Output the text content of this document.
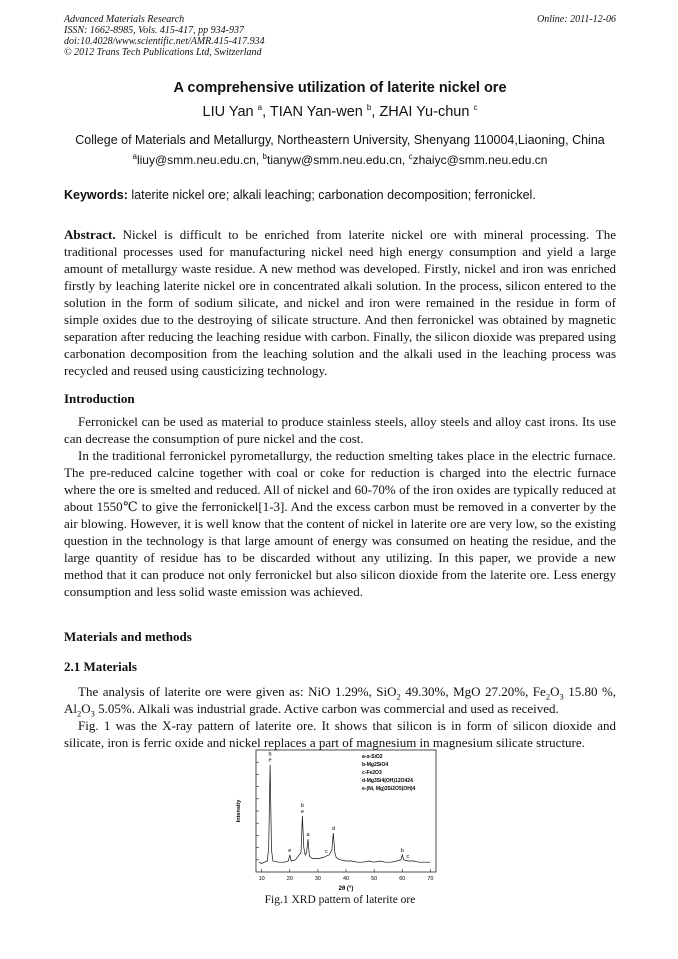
Advanced Materials Research
ISSN: 1662-8985, Vols. 415-417, pp 934-937
doi:10.4028/www.scientific.net/AMR.415-417.934
© 2012 Trans Tech Publications Ltd, Switzerland
Online: 2011-12-06
A comprehensive utilization of laterite nickel ore
LIU Yan $^a$, TIAN Yan-wen $^b$, ZHAI Yu-chun $^c$
College of Materials and Metallurgy, Northeastern University, Shenyang 110004,Liaoning, China
$^a$liuy@smm.neu.edu.cn, $^b$tianyw@smm.neu.edu.cn, $^c$zhaiyc@smm.neu.edu.cn
Keywords: laterite nickel ore; alkali leaching; carbonation decomposition; ferronickel.

Abstract. Nickel is difficult to be enriched from laterite nickel ore with mineral processing. The traditional processes used for manufacturing nickel need high energy consumption and yield a large amount of metallurgy waste residue. A new method was developed. Firstly, nickel and iron was enriched firstly by leaching laterite nickel ore in concentrated alkali solution. In the process, silicon entered to the solution in the form of sodium silicate, and nickel and iron were remained in the residue in form of simple oxides due to the destroying of silicate structure. And then ferronickel was obtained by magnetic separation after reducing the leaching residue with carbon. Finally, the silicon dioxide was prepared using carbonation decomposition from the leaching solution and the alkali used in the leaching process was recycled and reused using causticizing technology.

Introduction

Ferronickel can be used as material to produce stainless steels, alloy steels and alloy cast irons. Its use can decrease the consumption of pure nickel and the cost.

In the traditional ferronickel pyrometallurgy, the reduction smelting takes place in the electric furnace. The pre-reduced calcine together with coal or coke for reduction is charged into the electric furnace where the ore is smelted and reduced. All of nickel and 60-70% of the iron oxides are typically reduced at about 1550℃ to give the ferronickel[1-3]. And the excess carbon must be removed in a converter by the air blowing. However, it is well know that the content of nickel in laterite ore are very low, so the existing question in the technology is that large amount of energy was consumed on heating the residue, and the large quantity of residue has to be discarded without any utilizing. In this paper, we provide a new method that it can produce not only ferronickel but also silicon dioxide from the laterite ore. Less energy consumption and less solid waste emission was achieved.

Materials and methods
2.1 Materials

The analysis of laterite ore were given as: NiO 1.29%, SiO$_2$ 49.30%, MgO 27.20%, $Fe_2O_3$ 15.80 %, $Al_2O_3$ 5.05%. Alkali was industrial grade. Active carbon was commercial and used as received.

Fig. 1 was the X-ray pattern of laterite ore. It shows that silicon is in form of silicon dioxide and silicate, iron is ferric oxide and nickel replaces a part of magnesium in magnesium silicate structure.

10	20	30	40	50	60	70
b
e
b
e
a
d
e	c	b
c
a-α-SiO2
b-Mg2SiO4
c-Fe2O3
d-Mg3Si4(OH)12O424
e-(Ni, Mg)3Si2O5(OH)4
2θ (°)
Intensity
Fig.1 XRD pattern of laterite ore
